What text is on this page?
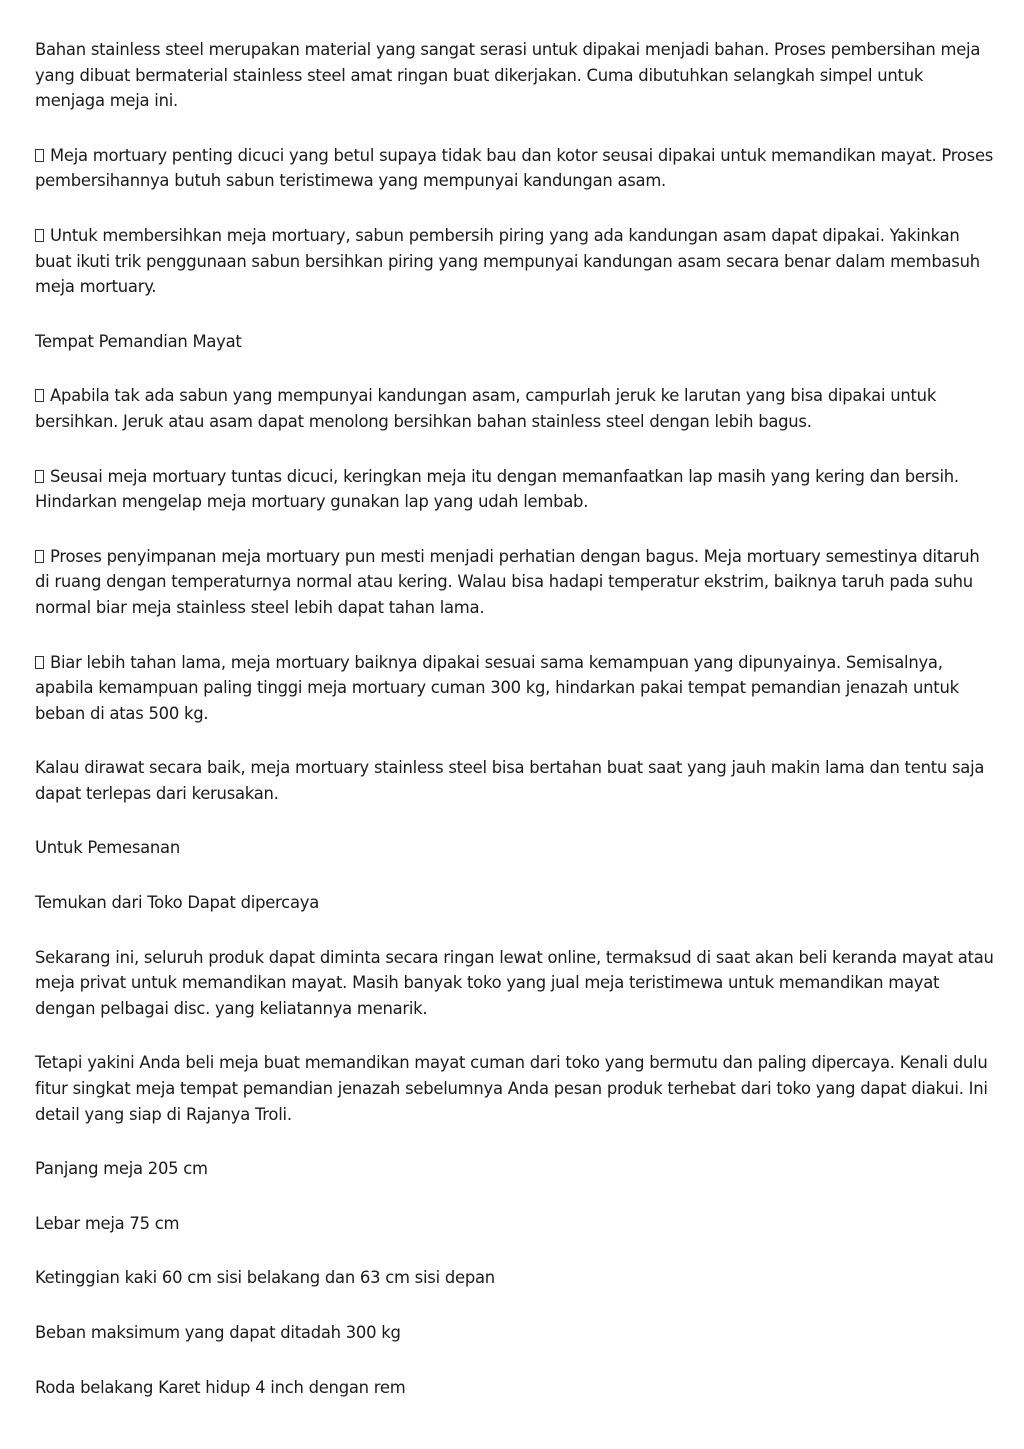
Bahan stainless steel merupakan material yang sangat serasi untuk dipakai menjadi bahan. Proses pembersihan meja yang dibuat bermaterial stainless steel amat ringan buat dikerjakan. Cuma dibutuhkan selangkah simpel untuk menjaga meja ini.

Meja mortuary penting dicuci yang betul supaya tidak bau dan kotor seusai dipakai untuk memandikan mayat. Proses pembersihannya butuh sabun teristimewa yang mempunyai kandungan asam.

Untuk membersihkan meja mortuary, sabun pembersih piring yang ada kandungan asam dapat dipakai. Yakinkan buat ikuti trik penggunaan sabun bersihkan piring yang mempunyai kandungan asam secara benar dalam membasuh meja mortuary.

Tempat Pemandian Mayat

Apabila tak ada sabun yang mempunyai kandungan asam, campurlah jeruk ke larutan yang bisa dipakai untuk bersihkan. Jeruk atau asam dapat menolong bersihkan bahan stainless steel dengan lebih bagus.

Seusai meja mortuary tuntas dicuci, keringkan meja itu dengan memanfaatkan lap masih yang kering dan bersih. Hindarkan mengelap meja mortuary gunakan lap yang udah lembab.

Proses penyimpanan meja mortuary pun mesti menjadi perhatian dengan bagus. Meja mortuary semestinya ditaruh di ruang dengan temperaturnya normal atau kering. Walau bisa hadapi temperatur ekstrim, baiknya taruh pada suhu normal biar meja stainless steel lebih dapat tahan lama.

Biar lebih tahan lama, meja mortuary baiknya dipakai sesuai sama kemampuan yang dipunyainya. Semisalnya, apabila kemampuan paling tinggi meja mortuary cuman 300 kg, hindarkan pakai tempat pemandian jenazah untuk beban di atas 500 kg.

Kalau dirawat secara baik, meja mortuary stainless steel bisa bertahan buat saat yang jauh makin lama dan tentu saja dapat terlepas dari kerusakan.

Untuk Pemesanan

Temukan dari Toko Dapat dipercaya

Sekarang ini, seluruh produk dapat diminta secara ringan lewat online, termaksud di saat akan beli keranda mayat atau meja privat untuk memandikan mayat. Masih banyak toko yang jual meja teristimewa untuk memandikan mayat dengan pelbagai disc. yang keliatannya menarik.

Tetapi yakini Anda beli meja buat memandikan mayat cuman dari toko yang bermutu dan paling dipercaya. Kenali dulu fitur singkat meja tempat pemandian jenazah sebelumnya Anda pesan produk terhebat dari toko yang dapat diakui. Ini detail yang siap di Rajanya Troli.

Panjang meja 205 cm

Lebar meja 75 cm

Ketinggian kaki 60 cm sisi belakang dan 63 cm sisi depan

Beban maksimum yang dapat ditadah 300 kg

Roda belakang Karet hidup 4 inch dengan rem
